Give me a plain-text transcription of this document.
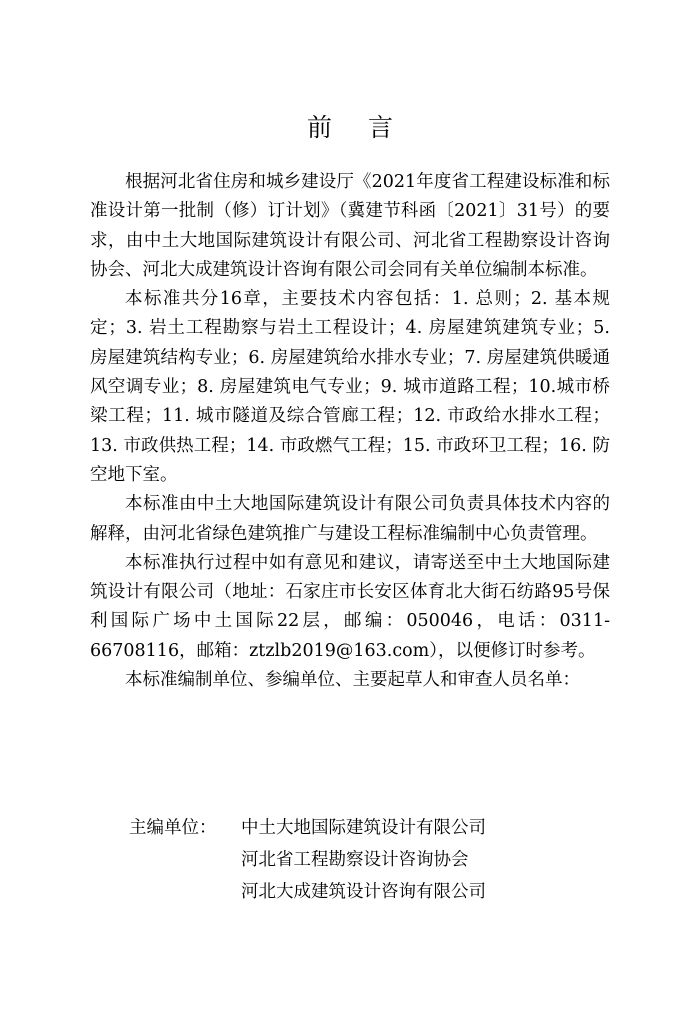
前言

根据河北省住房和城乡建设厅《2021年度省工程建设标准和标准设计第一批制（修）订计划》（冀建节科函〔2021〕31号）的要求，由中土大地国际建筑设计有限公司、河北省工程勘察设计咨询协会、河北大成建筑设计咨询有限公司会同有关单位编制本标准。

本标准共分16章，主要技术内容包括：1. 总则；2. 基本规定；3. 岩土工程勘察与岩土工程设计；4. 房屋建筑建筑专业；5. 房屋建筑结构专业；6. 房屋建筑给水排水专业；7. 房屋建筑供暖通风空调专业；8. 房屋建筑电气专业；9. 城市道路工程；10.城市桥梁工程；11. 城市隧道及综合管廊工程；12. 市政给水排水工程；13. 市政供热工程；14. 市政燃气工程；15. 市政环卫工程；16. 防空地下室。

本标准由中土大地国际建筑设计有限公司负责具体技术内容的解释，由河北省绿色建筑推广与建设工程标准编制中心负责管理。

本标准执行过程中如有意见和建议，请寄送至中土大地国际建筑设计有限公司（地址：石家庄市长安区体育北大街石纺路95号保利国际广场中土国际22层，邮编：050046，电话：0311-66708116，邮箱：ztzlb2019@163.com），以便修订时参考。

本标准编制单位、参编单位、主要起草人和审查人员名单：

主编单位：	中土大地国际建筑设计有限公司
河北省工程勘察设计咨询协会
河北大成建筑设计咨询有限公司
